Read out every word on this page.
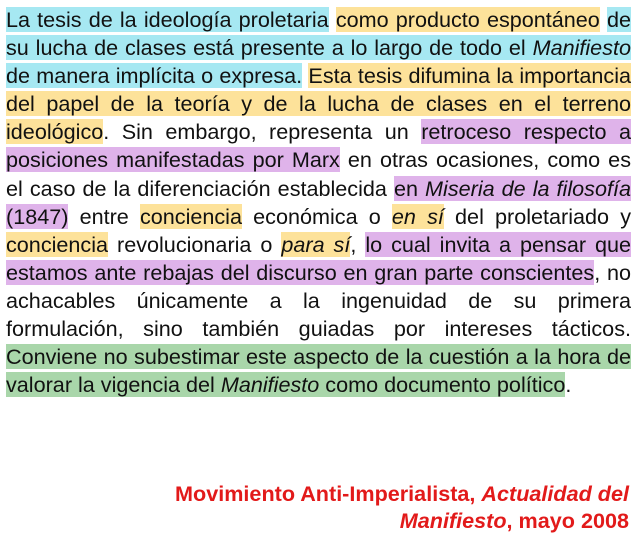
La tesis de la ideología proletaria como producto espontáneo de su lucha de clases está presente a lo largo de todo el Manifiesto de manera implícita o expresa. Esta tesis difumina la importancia del papel de la teoría y de la lucha de clases en el terreno ideológico. Sin embargo, representa un retroceso respecto a posiciones manifestadas por Marx en otras ocasiones, como es el caso de la diferenciación establecida en Miseria de la filosofía (1847) entre conciencia económica o en sí del proletariado y conciencia revolucionaria o para sí, lo cual invita a pensar que estamos ante rebajas del discurso en gran parte conscientes, no achacables únicamente a la ingenuidad de su primera formulación, sino también guiadas por intereses tácticos. Conviene no subestimar este aspecto de la cuestión a la hora de valorar la vigencia del Manifiesto como documento político.

Movimiento Anti-Imperialista, Actualidad del Manifiesto, mayo 2008
